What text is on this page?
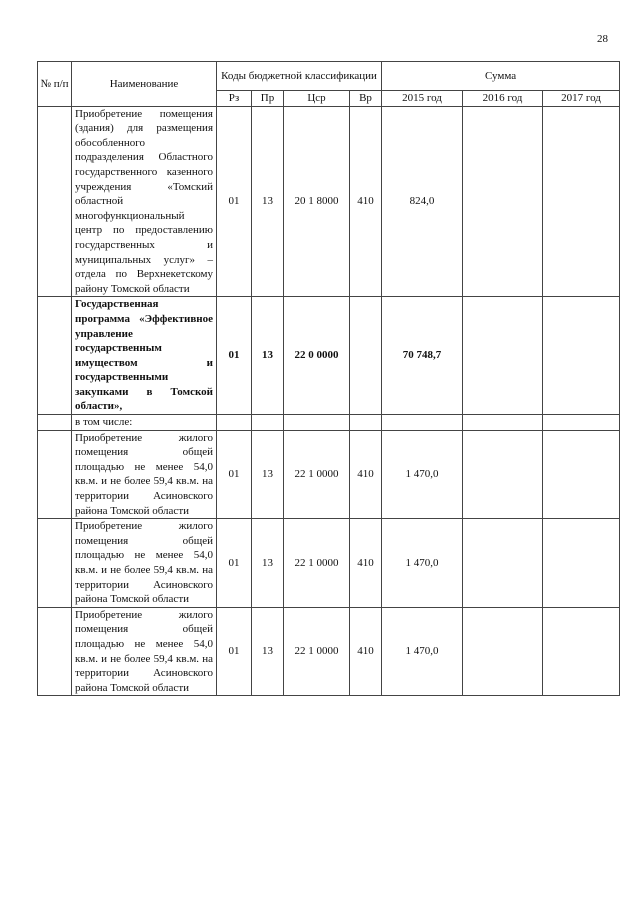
28
№ п/п	Наименование	Коды бюджетной классификации				Сумма		
		Рз	Пр	Цср	Вр	2015 год	2016 год	2017 год
	Приобретение помещения (здания) для размещения обособленного подразделения Областного государственного казенного учреждения «Томский областной многофункциональный центр по предоставлению государственных и муниципальных услуг» – отдела по Верхнекетскому району Томской области	01	13	20 1 8000	410	824,0		
	Государственная программа «Эффективное управление государственным имуществом и государственными закупками в Томской области»,	01	13	22 0 0000		70 748,7		
	в том числе:							
	Приобретение жилого помещения общей площадью не менее 54,0 кв.м. и не более 59,4 кв.м. на территории Асиновского района Томской области	01	13	22 1 0000	410	1 470,0		
	Приобретение жилого помещения общей площадью не менее 54,0 кв.м. и не более 59,4 кв.м. на территории Асиновского района Томской области	01	13	22 1 0000	410	1 470,0		
	Приобретение жилого помещения общей площадью не менее 54,0 кв.м. и не более 59,4 кв.м. на территории Асиновского района Томской области	01	13	22 1 0000	410	1 470,0		
